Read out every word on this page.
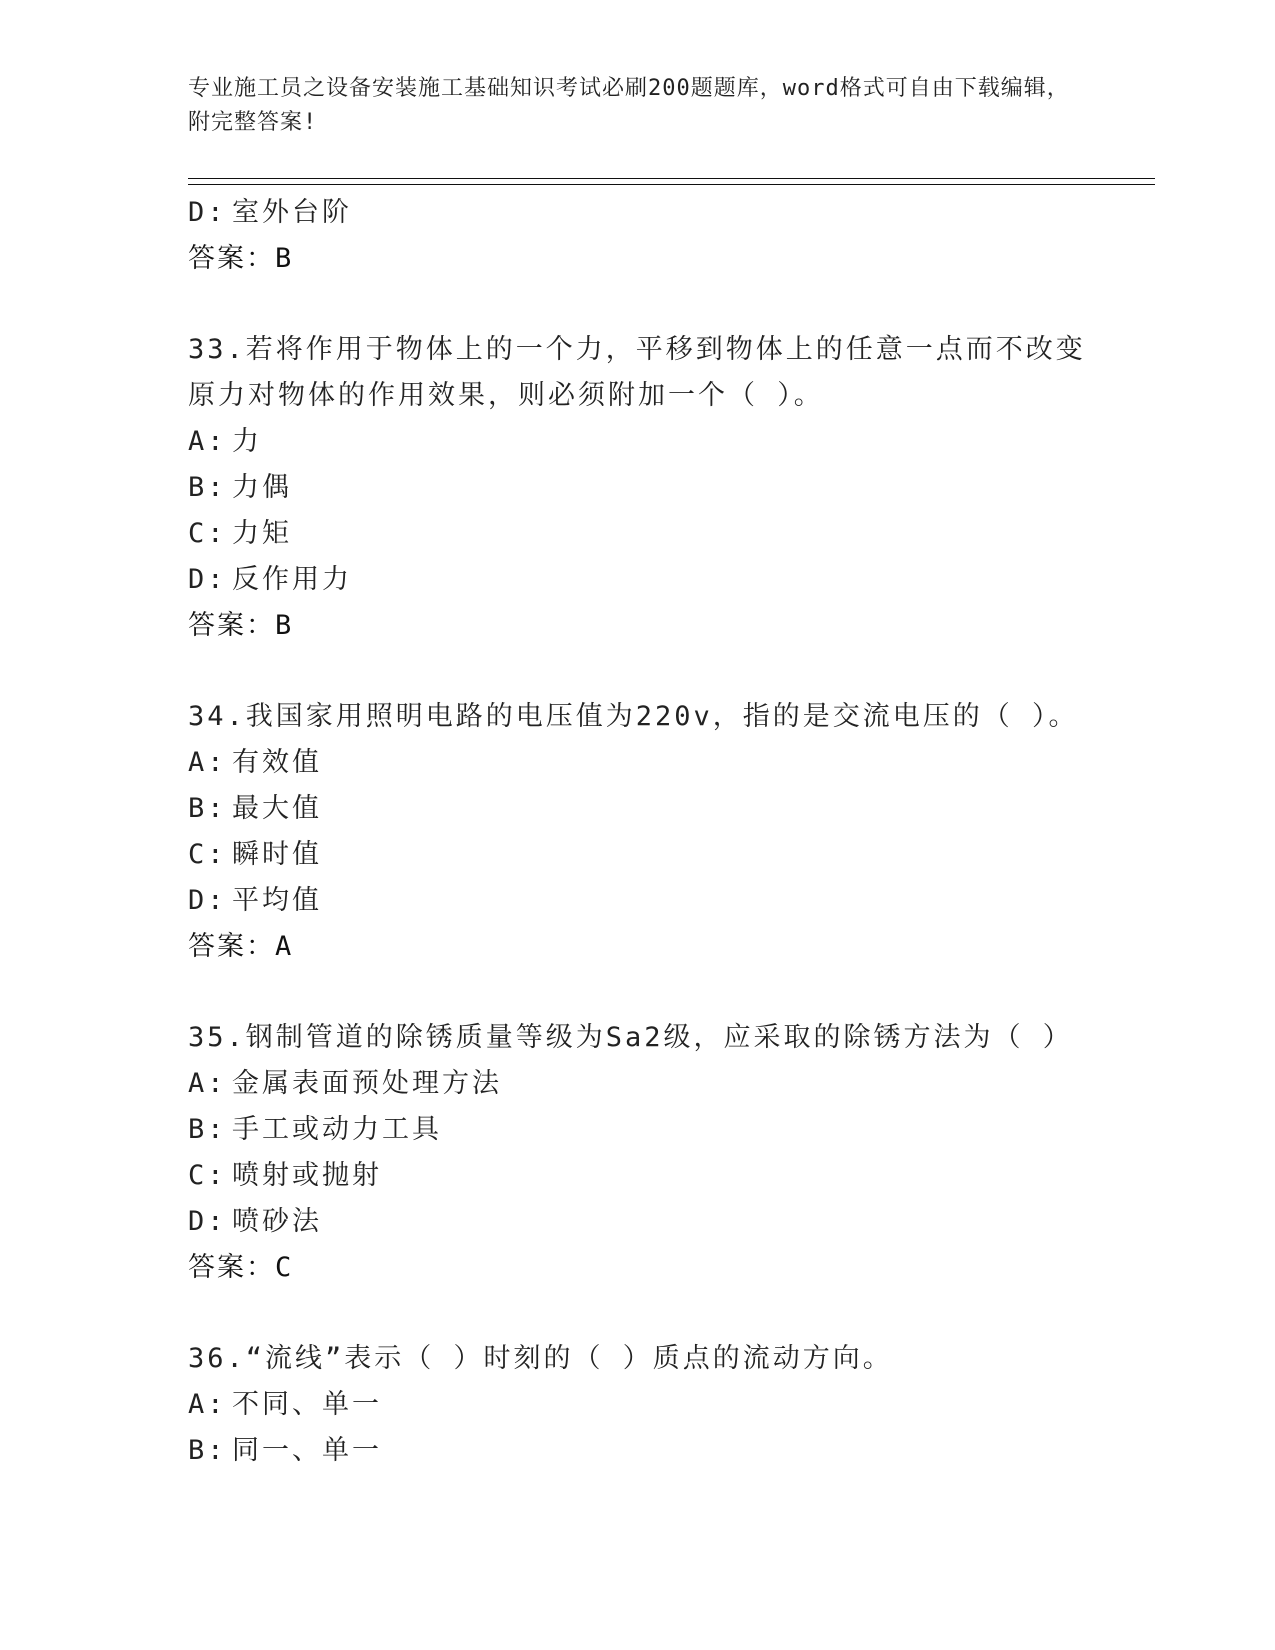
专业施工员之设备安装施工基础知识考试必刷200题题库，word格式可自由下载编辑，附完整答案!
D: 室外台阶
答案：B
33.若将作用于物体上的一个力，平移到物体上的任意一点而不改变原力对物体的作用效果，则必须附加一个（ ）。
A: 力
B: 力偶
C: 力矩
D: 反作用力
答案：B
34.我国家用照明电路的电压值为220v，指的是交流电压的（ ）。
A: 有效值
B: 最大值
C: 瞬时值
D: 平均值
答案：A
35.钢制管道的除锈质量等级为Sa2级，应采取的除锈方法为（ ）
A: 金属表面预处理方法
B: 手工或动力工具
C: 喷射或抛射
D: 喷砂法
答案：C
36.“流线”表示（ ）时刻的（ ）质点的流动方向。
A: 不同、单一
B: 同一、单一
